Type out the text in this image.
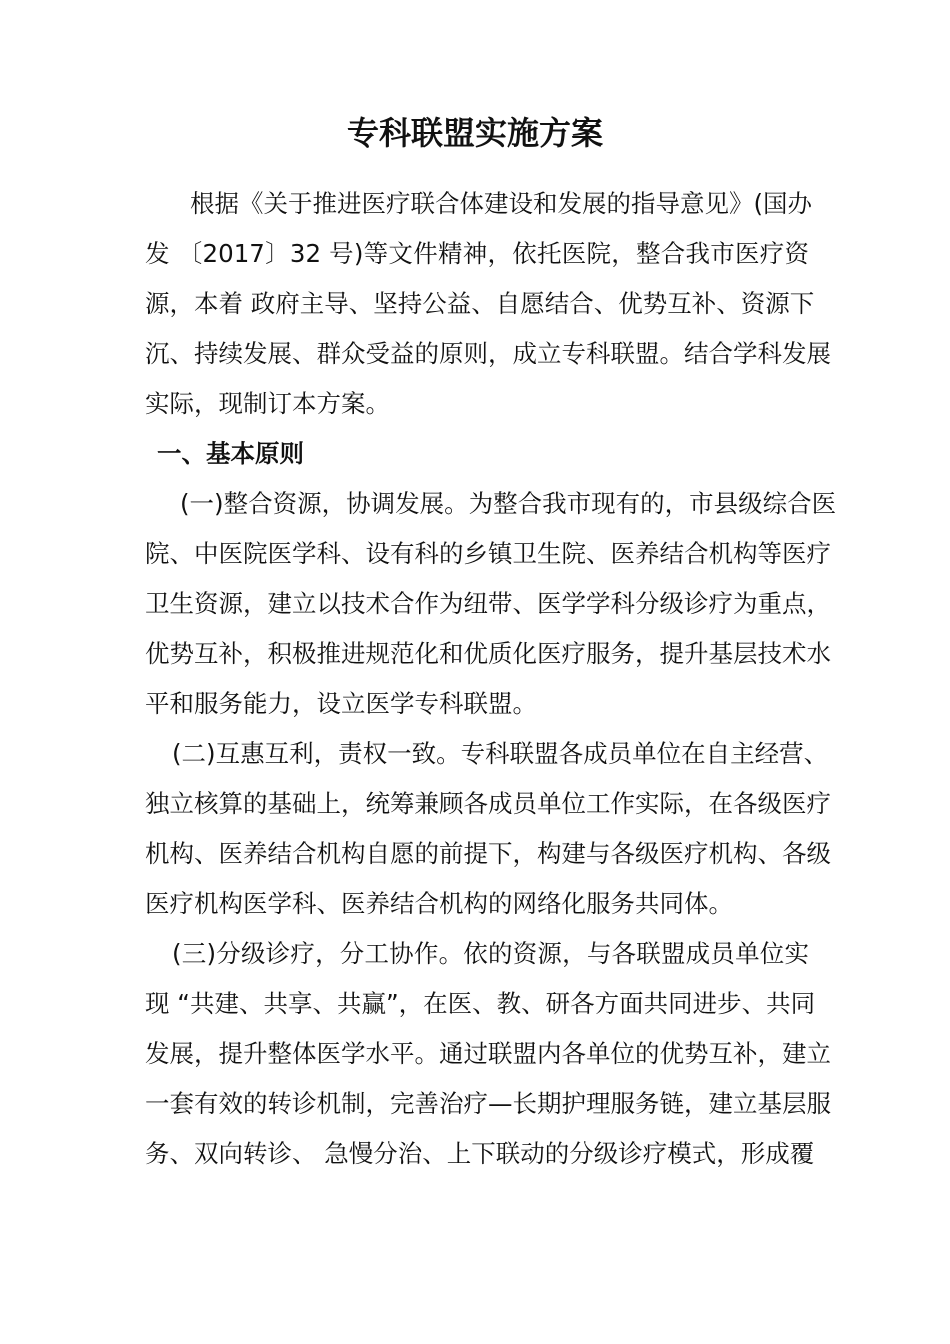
专科联盟实施方案
根据《关于推进医疗联合体建设和发展的指导意见》(国办
发 〔2017〕32 号)等文件精神，依托医院，整合我市医疗资
源，本着 政府主导、坚持公益、自愿结合、优势互补、资源下
沉、持续发展、群众受益的原则，成立专科联盟。结合学科发展
实际，现制订本方案。
一、基本原则
(一)整合资源，协调发展。为整合我市现有的，市县级综合医
院、中医院医学科、设有科的乡镇卫生院、医养结合机构等医疗
卫生资源，建立以技术合作为纽带、医学学科分级诊疗为重点，
优势互补，积极推进规范化和优质化医疗服务，提升基层技术水
平和服务能力，设立医学专科联盟。
(二)互惠互利，责权一致。专科联盟各成员单位在自主经营、
独立核算的基础上，统筹兼顾各成员单位工作实际，在各级医疗
机构、医养结合机构自愿的前提下，构建与各级医疗机构、各级
医疗机构医学科、医养结合机构的网络化服务共同体。
(三)分级诊疗，分工协作。依的资源，与各联盟成员单位实
现 “共建、共享、共赢”，在医、教、研各方面共同进步、共同
发展，提升整体医学水平。通过联盟内各单位的优势互补，建立
一套有效的转诊机制，完善治疗—长期护理服务链，建立基层服
务、双向转诊、 急慢分治、上下联动的分级诊疗模式，形成覆
